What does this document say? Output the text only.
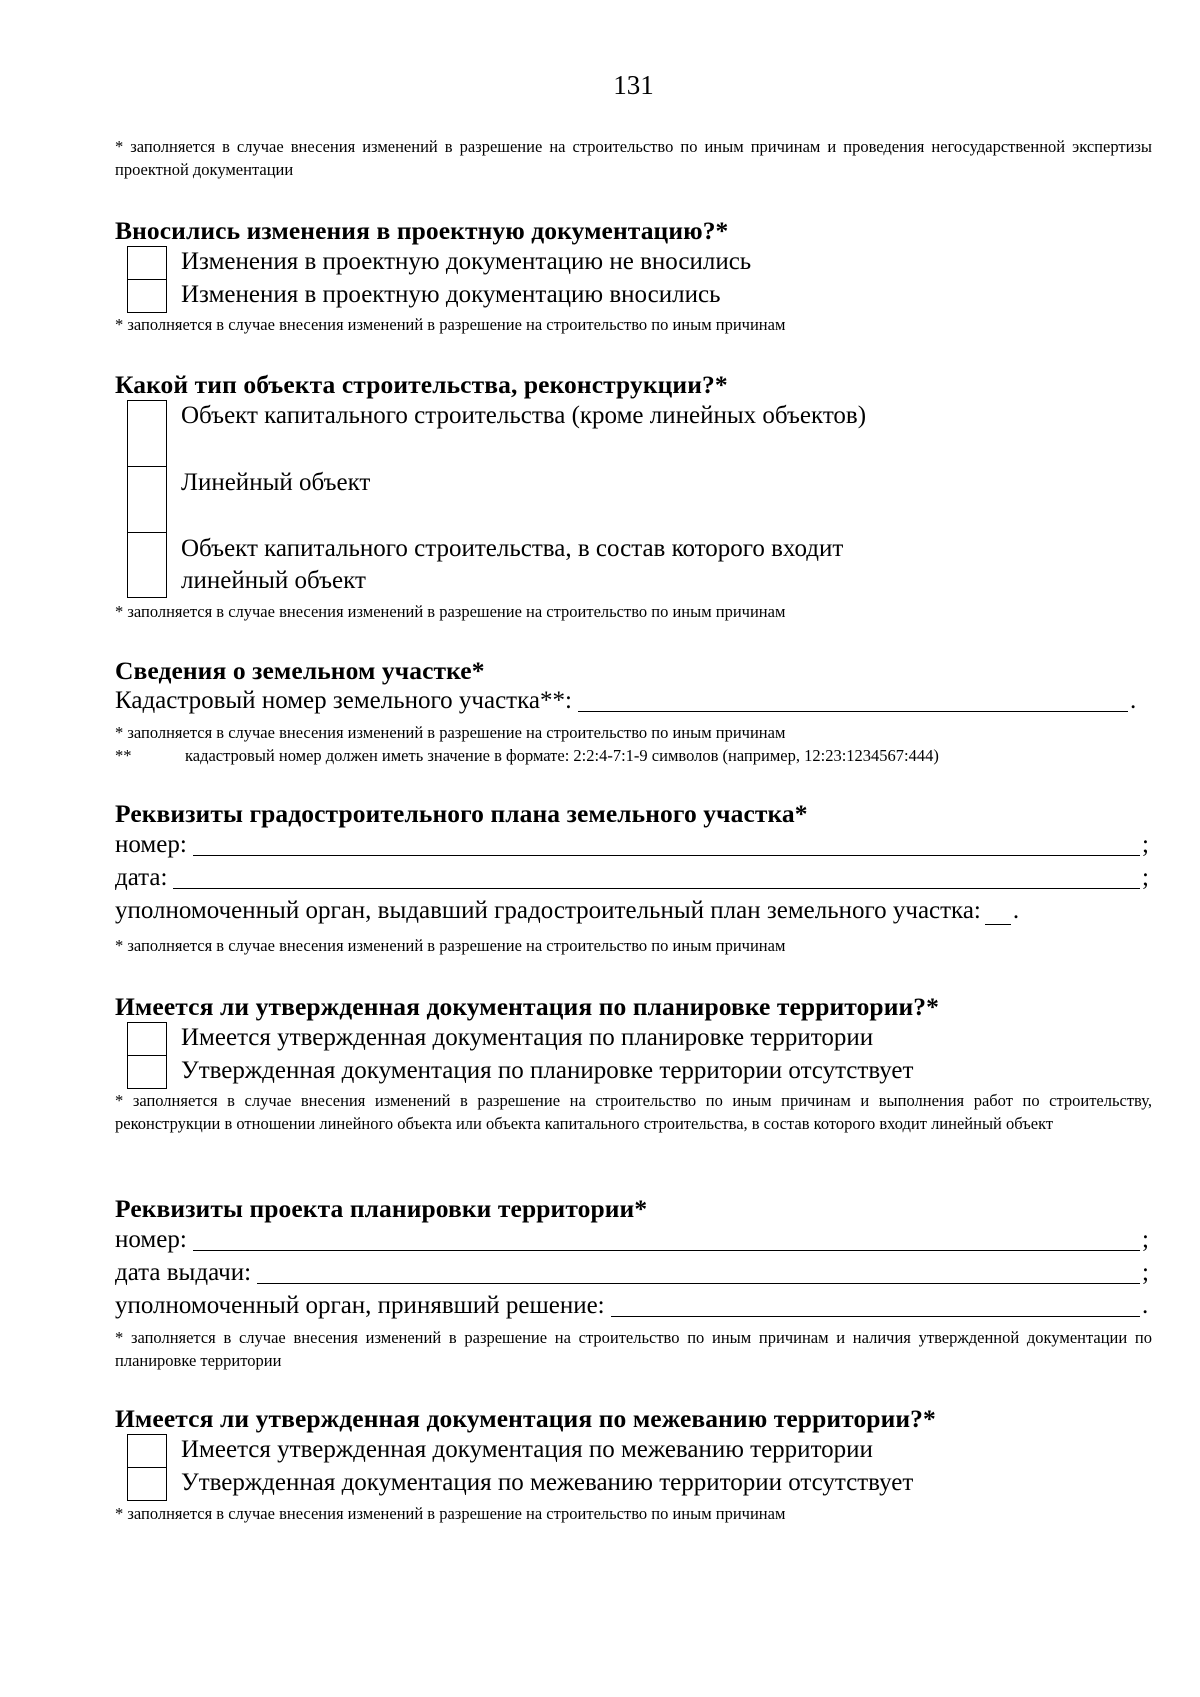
131
* заполняется в случае внесения изменений в разрешение на строительство по иным причинам и проведения негосударственной экспертизы проектной документации
Вносились изменения в проектную документацию?*
Изменения в проектную документацию не вносились
Изменения в проектную документацию вносились
* заполняется в случае внесения изменений в разрешение на строительство по иным причинам
Какой тип объекта строительства, реконструкции?*
Объект капитального строительства (кроме линейных объектов)
Линейный объект
Объект капитального строительства, в состав которого входит
линейный объект
* заполняется в случае внесения изменений в разрешение на строительство по иным причинам
Сведения о земельном участке*
Кадастровый номер земельного участка**:	.
* заполняется в случае внесения изменений в разрешение на строительство по иным причинам
**	кадастровый номер должен иметь значение в формате: 2:2:4-7:1-9 символов (например, 12:23:1234567:444)
Реквизиты градостроительного плана земельного участка*
номер:	;
дата:	;
уполномоченный орган, выдавший градостроительный план земельного участка: .
* заполняется в случае внесения изменений в разрешение на строительство по иным причинам
Имеется ли утвержденная документация по планировке территории?*
Имеется утвержденная документация по планировке территории
Утвержденная документация по планировке территории отсутствует
* заполняется в случае внесения изменений в разрешение на строительство по иным причинам и выполнения работ по строительству, реконструкции в отношении линейного объекта или объекта капитального строительства, в состав которого входит линейный объект
Реквизиты проекта планировки территории*
номер:	;
дата выдачи:	;
уполномоченный орган, принявший решение:	.
* заполняется в случае внесения изменений в разрешение на строительство по иным причинам и наличия утвержденной документации по планировке территории
Имеется ли утвержденная документация по межеванию территории?*
Имеется утвержденная документация по межеванию территории
Утвержденная документация по межеванию территории отсутствует
* заполняется в случае внесения изменений в разрешение на строительство по иным причинам
